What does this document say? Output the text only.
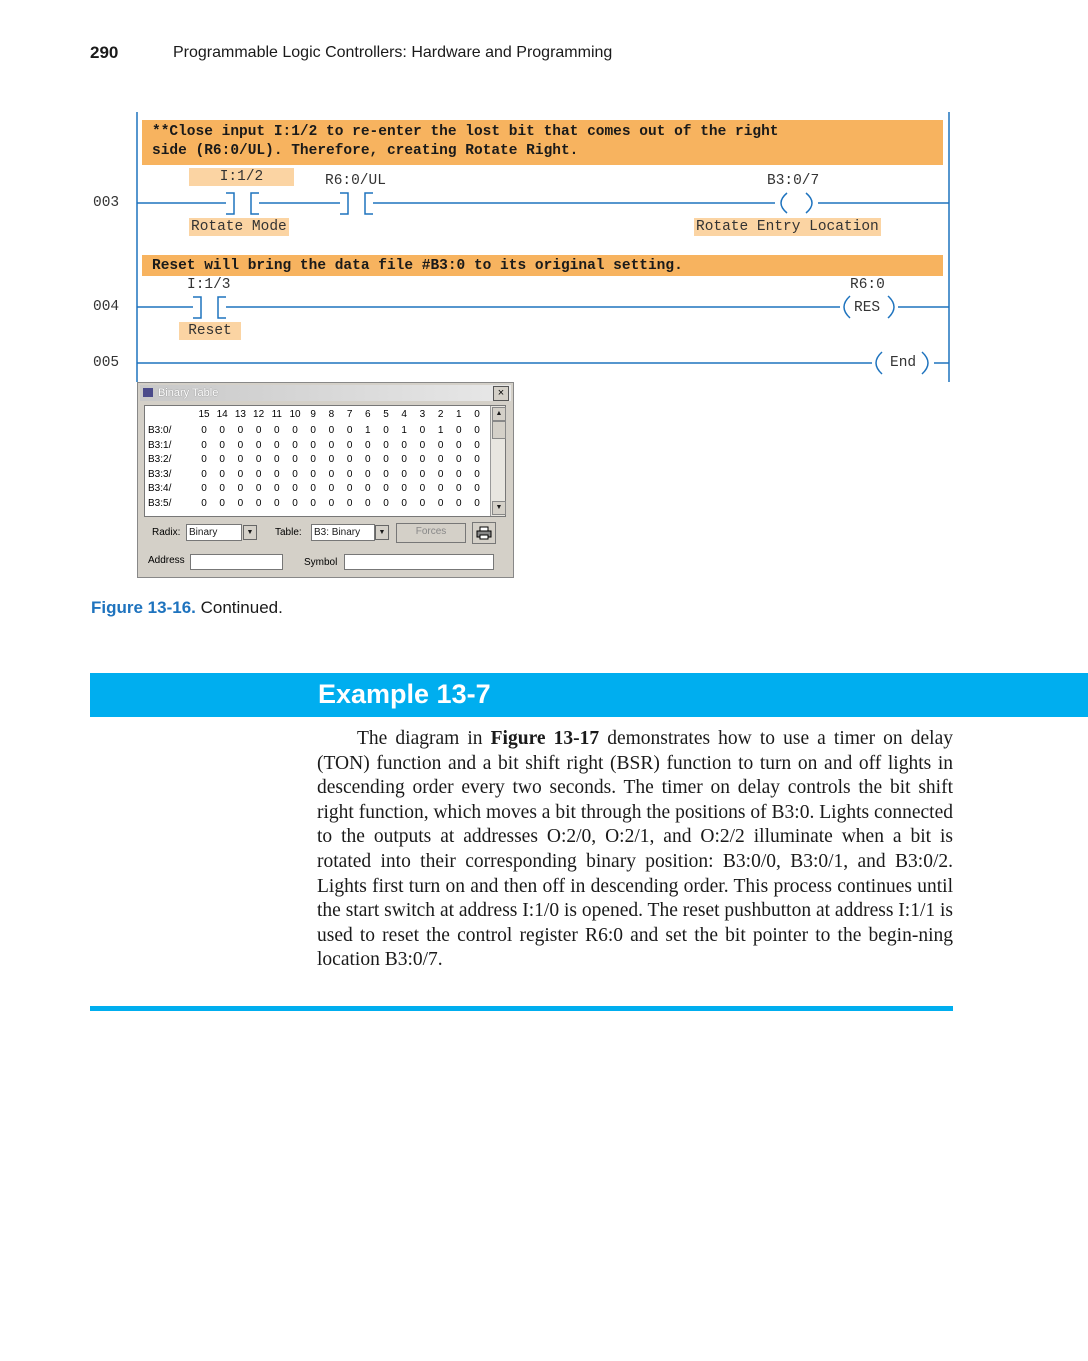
290	Programmable Logic Controllers: Hardware and Programming
**Close input I:1/2 to re-enter the lost bit that comes out of the right
side (R6:0/UL). Therefore, creating Rotate Right.
003
I:1/2
Rotate Mode
R6:0/UL	B3:0/7
Rotate Entry Location
Reset will bring the data file #B3:0 to its original setting.
004
I:1/3
Reset
R6:0
RES
005	End
Binary Table	×
15 14 13 12 11 10 9	8	7	6	5	4	3	2	1	0
B3:0/	0	0	0	0	0	0	0	0	0	1	0	1	0	1	0	0
B3:1/	0	0	0	0	0	0	0	0	0	0	0	0	0	0	0	0
B3:2/	0	0	0	0	0	0	0	0	0	0	0	0	0	0	0	0
B3:3/	0	0	0	0	0	0	0	0	0	0	0	0	0	0	0	0
B3:4/	0	0	0	0	0	0	0	0	0	0	0	0	0	0	0	0
B3:5/	0	0	0	0	0	0	0	0	0	0	0	0	0	0	0	0
▲
▼
Radix: Binary	▼	Table:	B3: Binary	▼	Forces
Address	Symbol
Figure 13-16. Continued.
Example 13-7
The diagram in Figure 13-17 demonstrates how to use a timer on delay (TON) function and a bit shift right (BSR) function to turn on and off lights in descending order every two seconds. The timer on delay controls the bit shift right function, which moves a bit through the positions of B3:0. Lights connected to the outputs at addresses O:2/0, O:2/1, and O:2/2 illuminate when a bit is rotated into their corresponding binary position: B3:0/0, B3:0/1, and B3:0/2. Lights first turn on and then off in descending order. This process continues until the start switch at address I:1/0 is opened. The reset pushbutton at address I:1/1 is used to reset the control register R6:0 and set the bit pointer to the begin-ning location B3:0/7.
